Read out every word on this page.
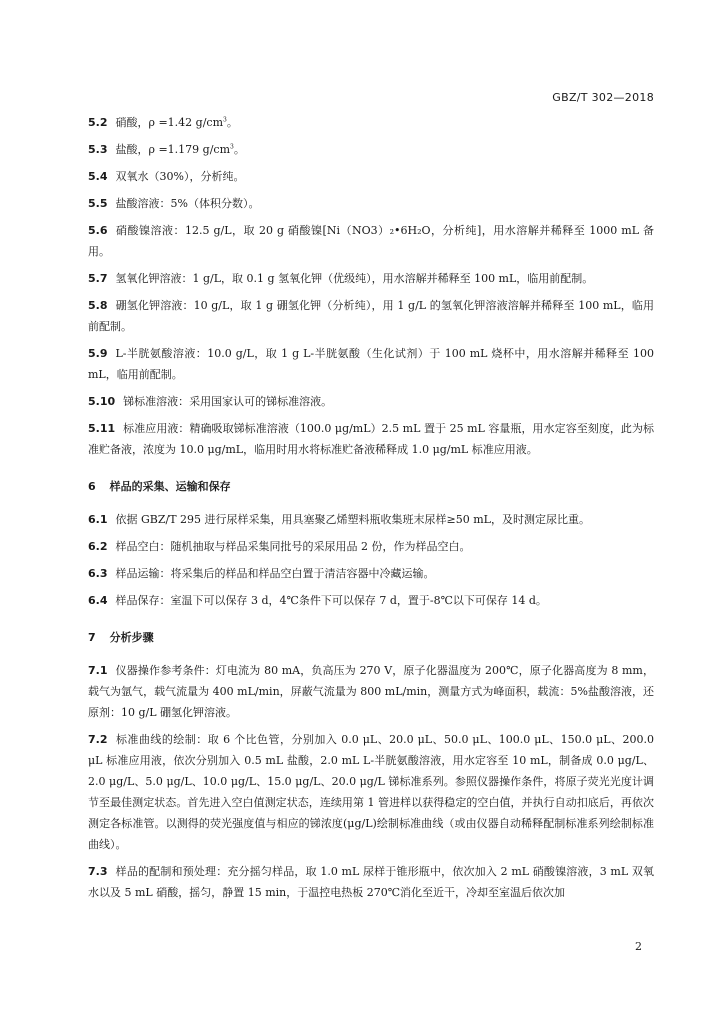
GBZ/T 302—2018
5.2 硝酸，ρ =1.42 $g/cm^3$。
5.3 盐酸，ρ =1.179 $g/cm^3$。
5.4 双氧水（30%），分析纯。
5.5 盐酸溶液：5%（体积分数）。
5.6 硝酸镍溶液：12.5 g/L，取 20 g 硝酸镍[Ni（NO3）₂•6H₂O，分析纯]，用水溶解并稀释至 1000 mL 备用。
5.7 氢氧化钾溶液：1 g/L，取 0.1 g 氢氧化钾（优级纯），用水溶解并稀释至 100 mL，临用前配制。
5.8 硼氢化钾溶液：10 g/L，取 1 g 硼氢化钾（分析纯），用 1 g/L 的氢氧化钾溶液溶解并稀释至 100 mL，临用前配制。
5.9 L-半胱氨酸溶液：10.0 g/L，取 1 g L-半胱氨酸（生化试剂）于 100 mL 烧杯中，用水溶解并稀释至 100 mL，临用前配制。
5.10 锑标准溶液：采用国家认可的锑标准溶液。
5.11 标准应用液：精确吸取锑标准溶液（100.0 μg/mL）2.5 mL 置于 25 mL 容量瓶，用水定容至刻度，此为标准贮备液，浓度为 10.0 μg/mL，临用时用水将标准贮备液稀释成 1.0 μg/mL 标准应用液。
6 样品的采集、运输和保存
6.1 依据 GBZ/T 295 进行尿样采集，用具塞聚乙烯塑料瓶收集班末尿样≥50 mL，及时测定尿比重。
6.2 样品空白：随机抽取与样品采集同批号的采尿用品 2 份，作为样品空白。
6.3 样品运输：将采集后的样品和样品空白置于清洁容器中冷藏运输。
6.4 样品保存：室温下可以保存 3 d，4℃条件下可以保存 7 d，置于-8℃以下可保存 14 d。
7 分析步骤
7.1 仪器操作参考条件：灯电流为 80 mA，负高压为 270 V，原子化器温度为 200℃，原子化器高度为 8 mm，载气为氩气，载气流量为 400 mL/min，屏蔽气流量为 800 mL/min，测量方式为峰面积，载流：5%盐酸溶液，还原剂：10 g/L 硼氢化钾溶液。
7.2 标准曲线的绘制：取 6 个比色管，分别加入 0.0 μL、20.0 μL、50.0 μL、100.0 μL、150.0 μL、200.0 μL 标准应用液，依次分别加入 0.5 mL 盐酸，2.0 mL L-半胱氨酸溶液，用水定容至 10 mL，制备成 0.0 μg/L、2.0 μg/L、5.0 μg/L、10.0 μg/L、15.0 μg/L、20.0 μg/L 锑标准系列。参照仪器操作条件，将原子荧光光度计调节至最佳测定状态。首先进入空白值测定状态，连续用第 1 管进样以获得稳定的空白值，并执行自动扣底后，再依次测定各标准管。以测得的荧光强度值与相应的锑浓度(μg/L)绘制标准曲线（或由仪器自动稀释配制标准系列绘制标准曲线）。
7.3 样品的配制和预处理：充分摇匀样品，取 1.0 mL 尿样于锥形瓶中，依次加入 2 mL 硝酸镍溶液，3 mL 双氧水以及 5 mL 硝酸，摇匀，静置 15 min，于温控电热板 270℃消化至近干，冷却至室温后依次加
2
